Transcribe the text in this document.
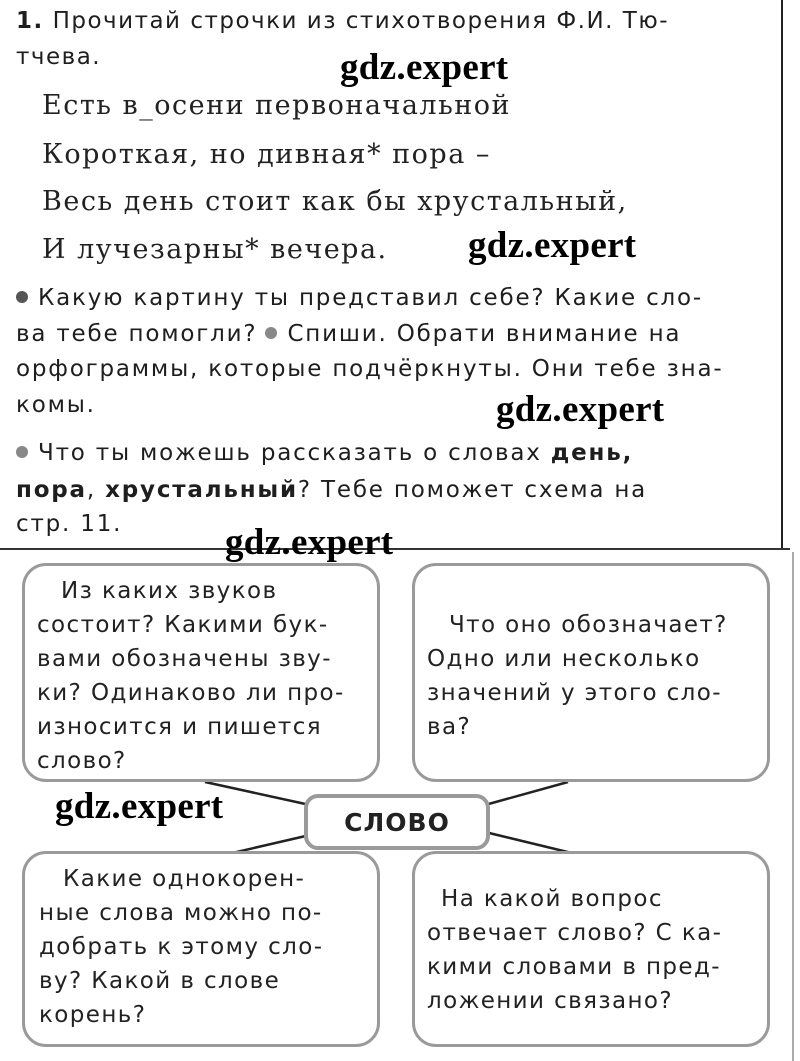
1. Прочитай строчки из стихотворения Ф.И. Тю-
тчева.
Есть в_осени первоначальной
Короткая, но дивная* пора –
Весь день стоит как бы хрустальный,
И лучезарны* вечера.
Какую картину ты представил себе? Какие сло-
ва тебе помогли? Спиши. Обрати внимание на
орфограммы, которые подчёркнуты. Они тебе зна-
комы.
Что ты можешь рассказать о словах день,
пора, хрустальный? Тебе поможет схема на
стр. 11.
gdz.expert
gdz.expert
gdz.expert
gdz.expert
gdz.expert
Из каких звуков
состоит? Какими бук-
вами обозначены зву-
ки? Одинаково ли про-
износится и пишется
слово?
Что оно обозначает?
Одно или несколько
значений у этого сло-
ва?
СЛОВО
Какие однокорен-
ные слова можно по-
добрать к этому сло-
ву? Какой в слове
корень?
На какой вопрос
отвечает слово? С ка-
кими словами в пред-
ложении связано?
